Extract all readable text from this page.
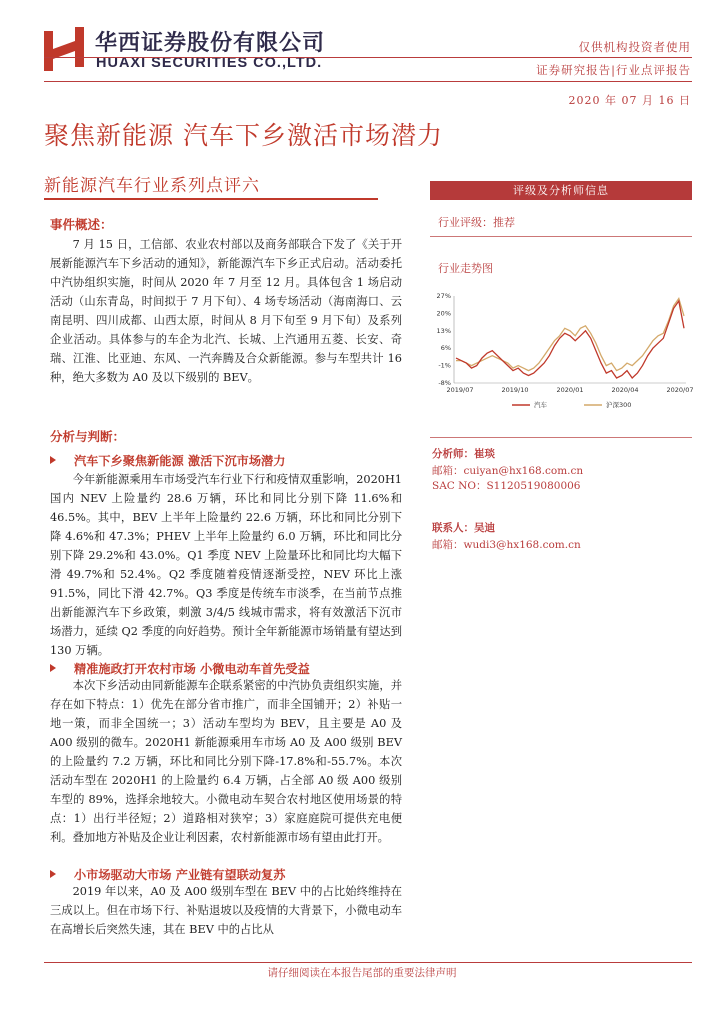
华西证券股份有限公司
HUAXI SECURITIES CO.,LTD.
仅供机构投资者使用
证券研究报告|行业点评报告
2020 年 07 月 16 日
聚焦新能源 汽车下乡激活市场潜力
新能源汽车行业系列点评六
事件概述：
7 月 15 日，工信部、农业农村部以及商务部联合下发了《关于开展新能源汽车下乡活动的通知》，新能源汽车下乡正式启动。活动委托中汽协组织实施，时间从 2020 年 7 月至 12 月。具体包含 1 场启动活动（山东青岛，时间拟于 7 月下旬）、4 场专场活动（海南海口、云南昆明、四川成都、山西太原，时间从 8 月下旬至 9 月下旬）及系列企业活动。具体参与的车企为北汽、长城、上汽通用五菱、长安、奇瑞、江淮、比亚迪、东风、一汽奔腾及合众新能源。参与车型共计 16 种，绝大多数为 A0 及以下级别的 BEV。
分析与判断：
汽车下乡聚焦新能源 激活下沉市场潜力
今年新能源乘用车市场受汽车行业下行和疫情双重影响，2020H1 国内 NEV 上险量约 28.6 万辆，环比和同比分别下降 11.6%和 46.5%。其中，BEV 上半年上险量约 22.6 万辆，环比和同比分别下降 4.6%和 47.3%；PHEV 上半年上险量约 6.0 万辆，环比和同比分别下降 29.2%和 43.0%。Q1 季度 NEV 上险量环比和同比均大幅下滑 49.7%和 52.4%。Q2 季度随着疫情逐渐受控，NEV 环比上涨 91.5%，同比下滑 42.7%。Q3 季度是传统车市淡季，在当前节点推出新能源汽车下乡政策，刺激 3/4/5 线城市需求，将有效激活下沉市场潜力，延续 Q2 季度的向好趋势。预计全年新能源市场销量有望达到 130 万辆。
精准施政打开农村市场 小微电动车首先受益
本次下乡活动由同新能源车企联系紧密的中汽协负责组织实施，并存在如下特点：1）优先在部分省市推广，而非全国铺开；2）补贴一地一策，而非全国统一；3）活动车型均为 BEV，且主要是 A0 及 A00 级别的微车。2020H1 新能源乘用车市场 A0 及 A00 级别 BEV 的上险量约 7.2 万辆，环比和同比分别下降-17.8%和-55.7%。本次活动车型在 2020H1 的上险量约 6.4 万辆，占全部 A0 级 A00 级别车型的 89%，选择余地较大。小微电动车契合农村地区使用场景的特点：1）出行半径短；2）道路相对狭窄；3）家庭庭院可提供充电便利。叠加地方补贴及企业让利因素，农村新能源市场有望由此打开。
小市场驱动大市场 产业链有望联动复苏
2019 年以来，A0 及 A00 级别车型在 BEV 中的占比始终维持在三成以上。但在市场下行、补贴退坡以及疫情的大背景下，小微电动车在高增长后突然失速，其在 BEV 中的占比从
评级及分析师信息
行业评级：推荐
行业走势图
27%
20%
13%
6%
-1%
-8%
2019/07	2019/10	2020/01	2020/04	2020/07
汽车	沪深300
分析师：崔琰
邮箱：cuiyan@hx168.com.cn
SAC NO：S1120519080006
联系人：吴迪
邮箱：wudi3@hx168.com.cn
请仔细阅读在本报告尾部的重要法律声明
